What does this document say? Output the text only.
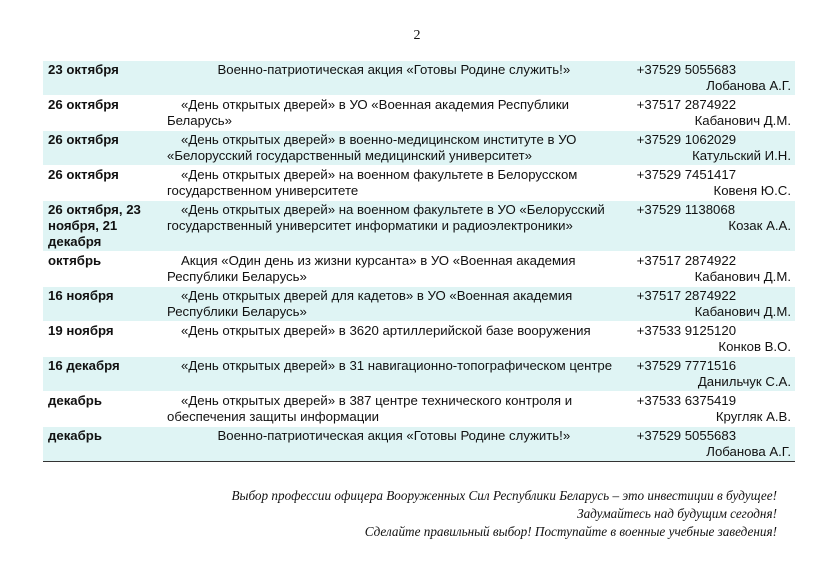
2
23 октября	Военно-патриотическая акция «Готовы Родине служить!»	+37529 5055683
Лобанова А.Г.

26 октября	«День открытых дверей» в УО «Военная академия Республики Беларусь»	+37517 2874922
Кабанович Д.М.

26 октября	«День открытых дверей» в военно-медицинском институте в УО «Белорусский государственный медицинский университет»	+37529 1062029
Катульский И.Н.

26 октября	«День открытых дверей» на военном факультете в Белорусском государственном университете	+37529 7451417
Ковеня Ю.С.

26 октября, 23 ноября, 21 декабря	«День открытых дверей» на военном факультете в УО «Белорусский государственный университет информатики и радиоэлектроники»	+37529 1138068
Козак А.А.

октябрь	Акция «Один день из жизни курсанта» в УО «Военная академия Республики Беларусь»	+37517 2874922
Кабанович Д.М.

16 ноября	«День открытых дверей для кадетов» в УО «Военная академия Республики Беларусь»	+37517 2874922
Кабанович Д.М.

19 ноября	«День открытых дверей» в 3620 артиллерийской базе вооружения	+37533 9125120
Конков В.О.

16 декабря	«День открытых дверей» в 31 навигационно-топографическом центре	+37529 7771516
Данильчук С.А.

декабрь	«День открытых дверей» в 387 центре технического контроля и обеспечения защиты информации	+37533 6375419
Кругляк А.В.

декабрь	Военно-патриотическая акция «Готовы Родине служить!»	+37529 5055683
Лобанова А.Г.
Выбор профессии офицера Вооруженных Сил Республики Беларусь – это инвестиции в будущее!
Задумайтесь над будущим сегодня!
Сделайте правильный выбор! Поступайте в военные учебные заведения!
